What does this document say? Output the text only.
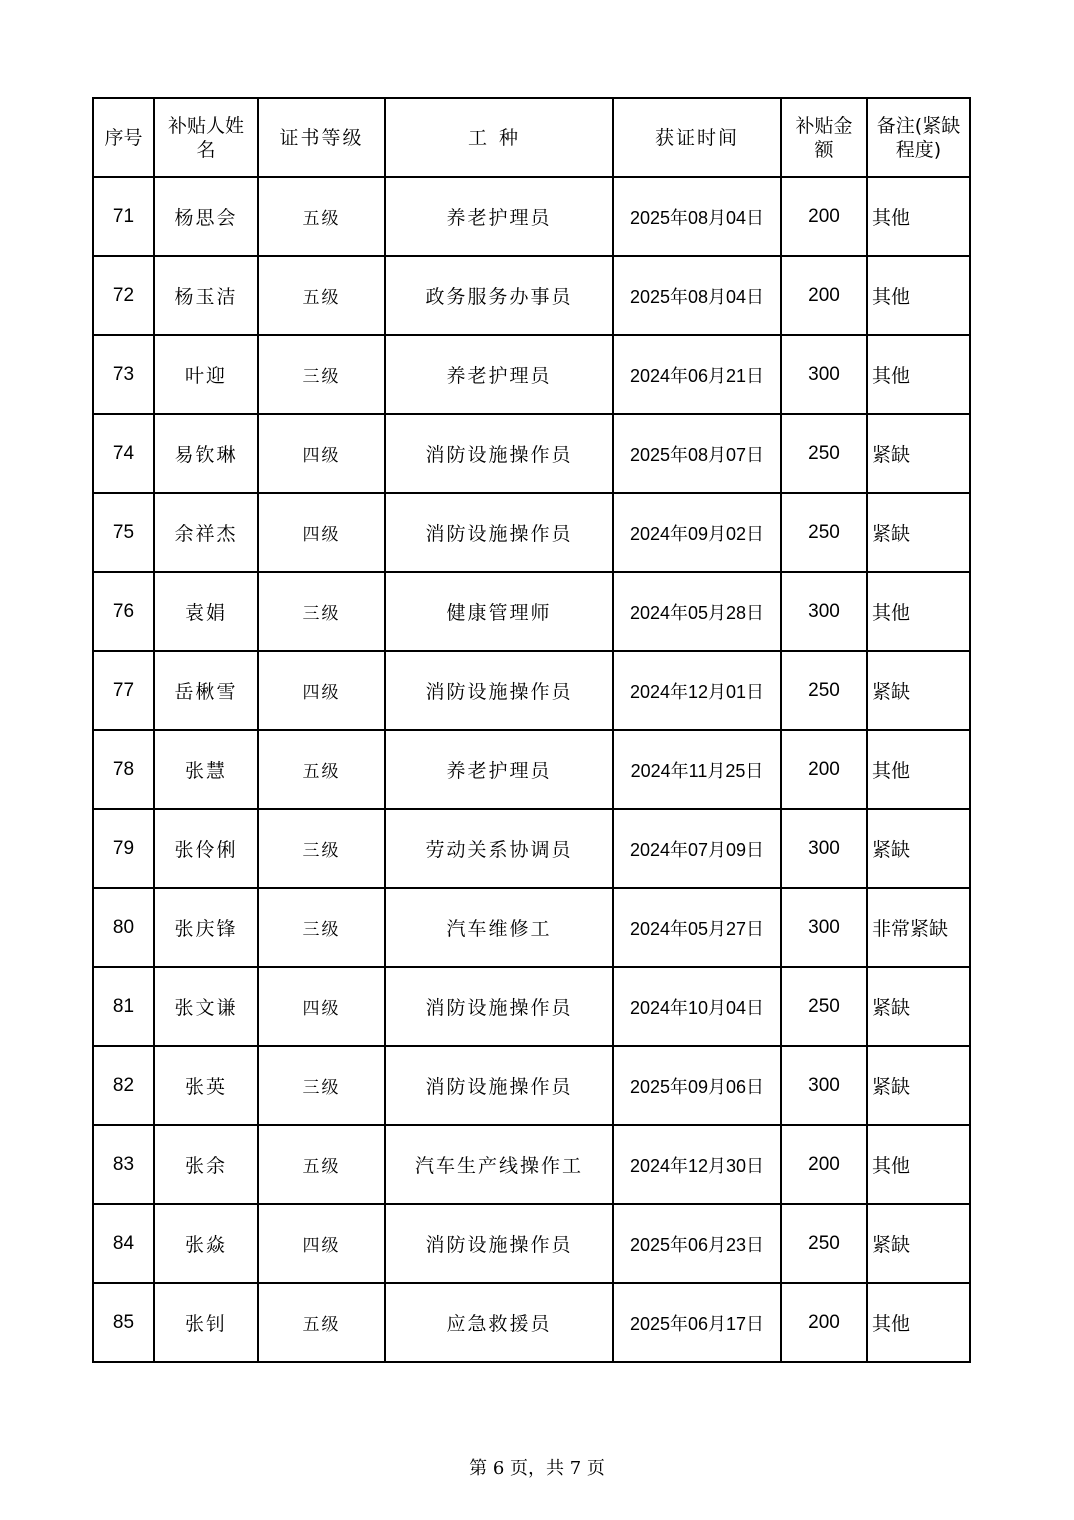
序号	补贴人姓名	证书等级	工种	获证时间	补贴金额	备注(紧缺程度)
71	杨思会	五级	养老护理员	2025年08月04日	200	其他
72	杨玉洁	五级	政务服务办事员	2025年08月04日	200	其他
73	叶迎	三级	养老护理员	2024年06月21日	300	其他
74	易钦琳	四级	消防设施操作员	2025年08月07日	250	紧缺
75	余祥杰	四级	消防设施操作员	2024年09月02日	250	紧缺
76	袁娟	三级	健康管理师	2024年05月28日	300	其他
77	岳楸雪	四级	消防设施操作员	2024年12月01日	250	紧缺
78	张慧	五级	养老护理员	2024年11月25日	200	其他
79	张伶俐	三级	劳动关系协调员	2024年07月09日	300	紧缺
80	张庆锋	三级	汽车维修工	2024年05月27日	300	非常紧缺
81	张文谦	四级	消防设施操作员	2024年10月04日	250	紧缺
82	张英	三级	消防设施操作员	2025年09月06日	300	紧缺
83	张余	五级	汽车生产线操作工	2024年12月30日	200	其他
84	张焱	四级	消防设施操作员	2025年06月23日	250	紧缺
85	张钊	五级	应急救援员	2025年06月17日	200	其他
第 6 页，共 7 页
